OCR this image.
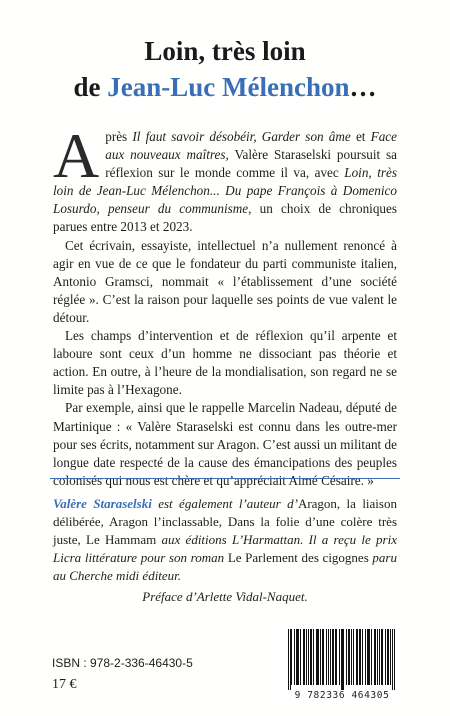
Loin, très loin
de Jean-Luc Mélenchon…

Après Il faut savoir désobéir, Garder son âme et Face aux nouveaux maîtres, Valère Staraselski poursuit sa réflexion sur le monde comme il va, avec Loin, très loin de Jean-Luc Mélenchon... Du pape François à Domenico Losurdo, penseur du communisme, un choix de chroniques parues entre 2013 et 2023.

Cet écrivain, essayiste, intellectuel n’a nullement renoncé à agir en vue de ce que le fondateur du parti communiste italien, Antonio Gramsci, nommait « l’établissement d’une société réglée ». C’est la raison pour laquelle ses points de vue valent le détour.

Les champs d’intervention et de réflexion qu’il arpente et laboure sont ceux d’un homme ne dissociant pas théorie et action. En outre, à l’heure de la mondialisation, son regard ne se limite pas à l’Hexagone.

Par exemple, ainsi que le rappelle Marcelin Nadeau, député de Martinique : « Valère Staraselski est connu dans les outre-mer pour ses écrits, notamment sur Aragon. C’est aussi un militant de longue date respecté de la cause des émancipations des peuples colonisés qui nous est chère et qu’appréciait Aimé Césaire. »

Valère Staraselski est également l’auteur d’Aragon, la liaison délibérée, Aragon l’inclassable, Dans la folie d’une colère très juste, Le Hammam aux éditions L’Harmattan. Il a reçu le prix Licra littérature pour son roman Le Parlement des cigognes paru au Cherche midi éditeur.
Préface d’Arlette Vidal-Naquet.
ISBN : 978-2-336-46430-5
17 €
9 782336 464305
